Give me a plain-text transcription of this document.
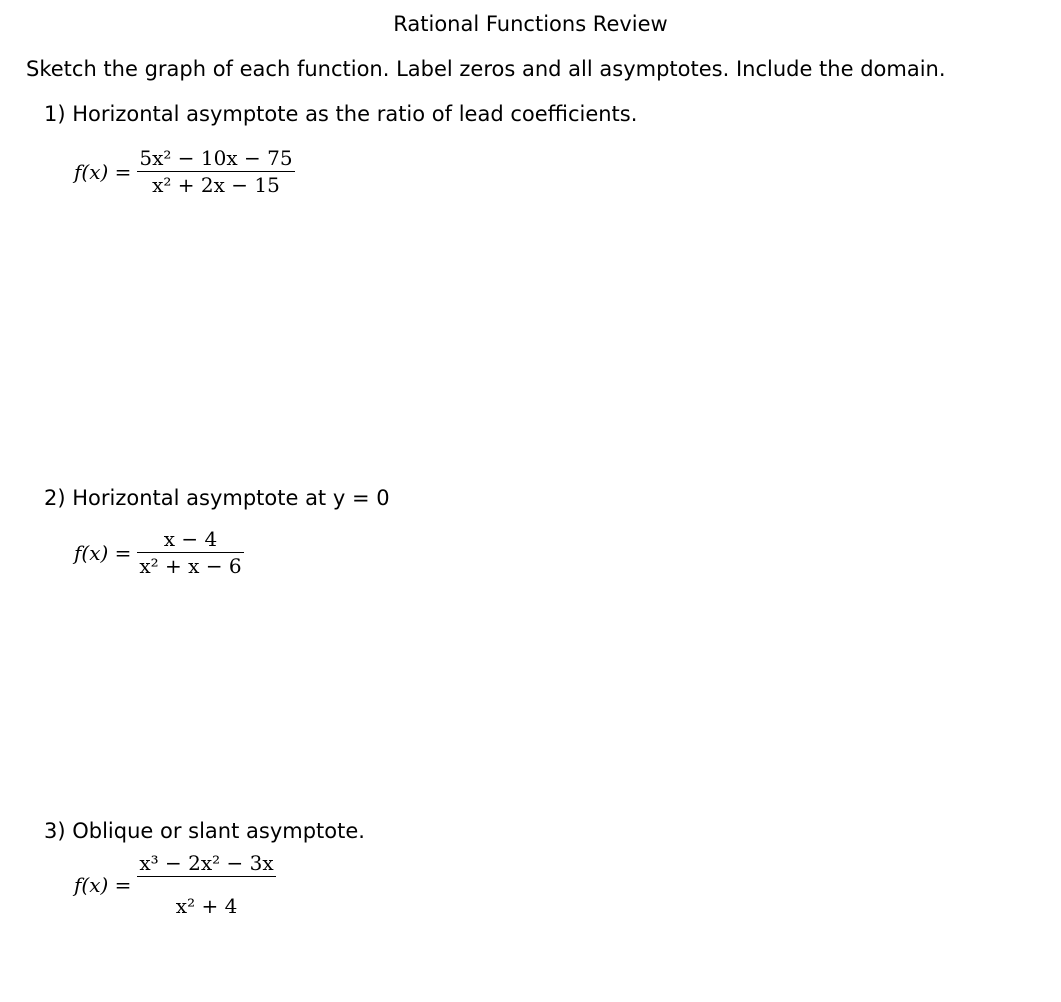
Rational Functions Review
Sketch the graph of each function. Label zeros and all asymptotes. Include the domain.
1) Horizontal asymptote as the ratio of lead coefficients.
$f(x) = \frac{\text{5x² − 10x − 75}}{\text{x² + 2x − 15}}$
2) Horizontal asymptote at y = 0
$f(x) = \frac{x - 4}{\text{x² + x − 6}}$
3) Oblique or slant asymptote.
$f(x) = \frac{\text{x³ − 2x² − 3x}}{\text{x² + 4}}$
